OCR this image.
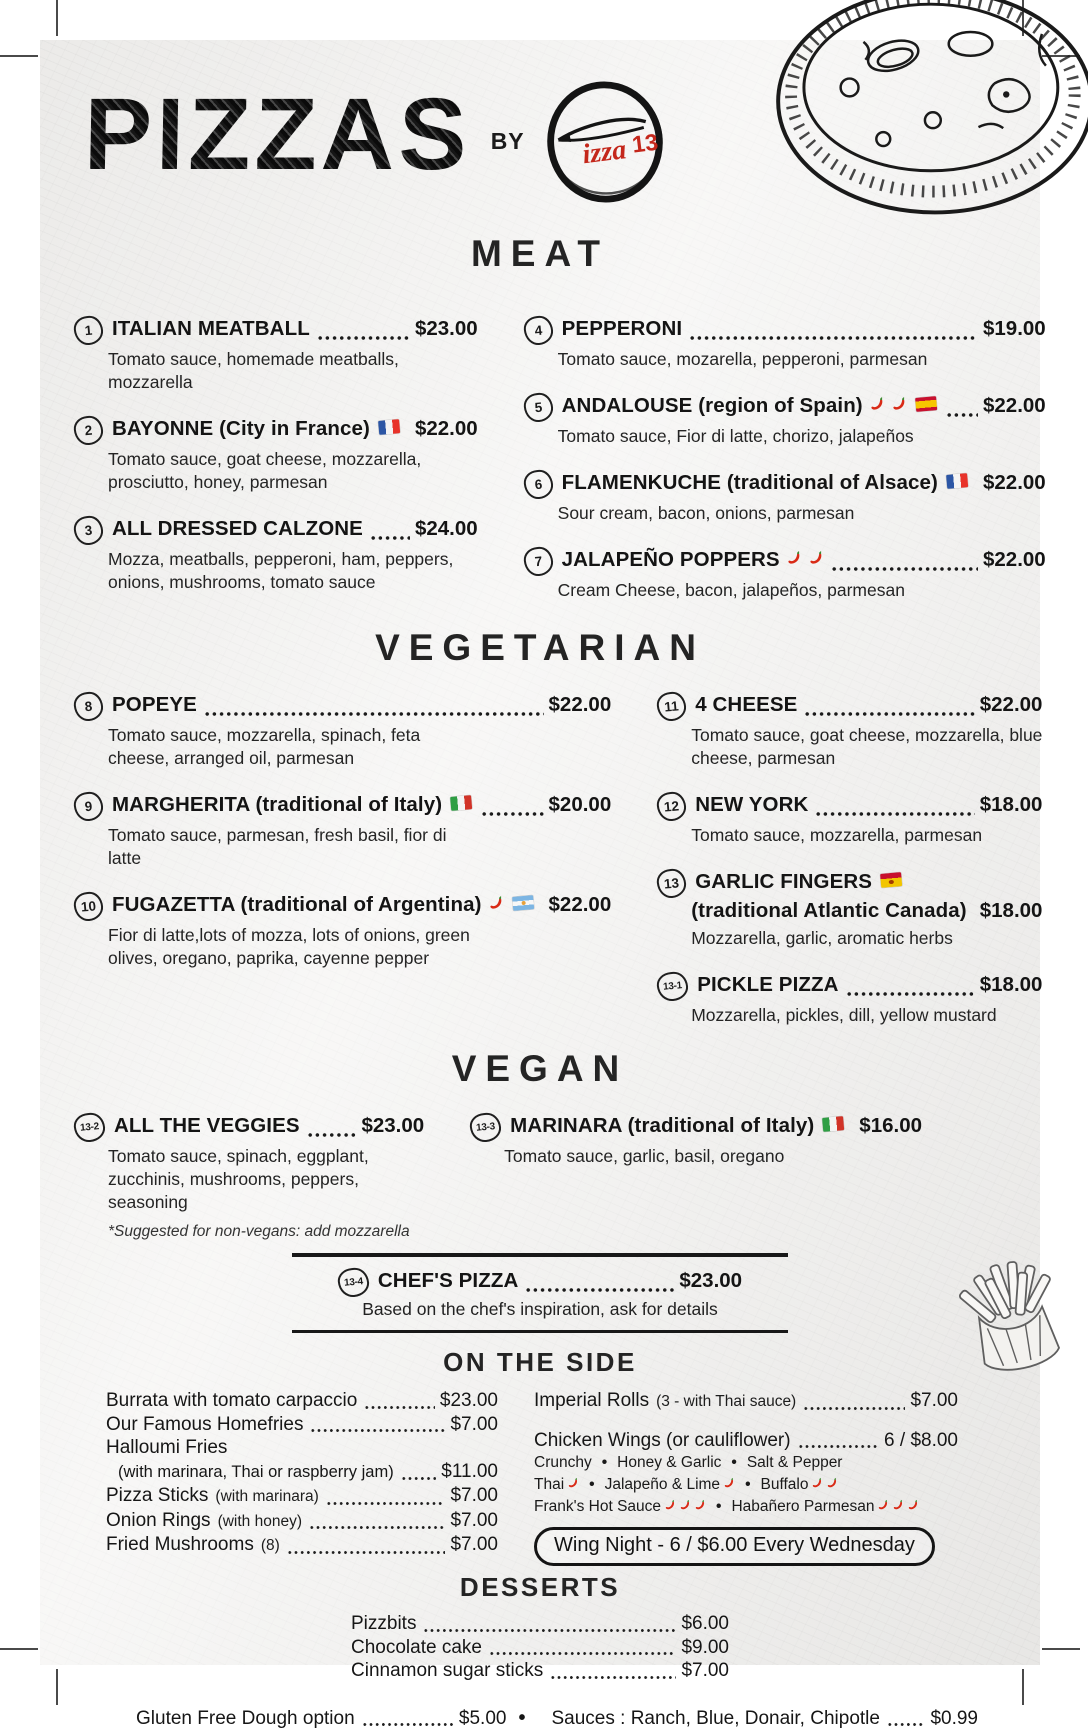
PIZZAS BY izza 13
MEAT
1 ITALIAN MEATBALL	$23.00
Tomato sauce, homemade meatballs, mozzarella
2 BAYONNE (City in France) $22.00
Tomato sauce, goat cheese, mozzarella, prosciutto, honey, parmesan
3 ALL DRESSED CALZONE	$24.00
Mozza, meatballs, pepperoni, ham, peppers, onions, mushrooms, tomato sauce
4 PEPPERONI	$19.00
Tomato sauce, mozarella, pepperoni, parmesan
5 ANDALOUSE (region of Spain)	$22.00
Tomato sauce, Fior di latte, chorizo, jalapeños
6 FLAMENKUCHE (traditional of Alsace) $22.00
Sour cream, bacon, onions, parmesan
7 JALAPEÑO POPPERS	$22.00
Cream Cheese, bacon, jalapeños, parmesan
VEGETARIAN
8 POPEYE	$22.00
Tomato sauce, mozzarella, spinach, feta cheese, arranged oil, parmesan
9 MARGHERITA (traditional of Italy)	$20.00
Tomato sauce, parmesan, fresh basil, fior di latte
10 FUGAZETTA (traditional of Argentina)	$22.00
Fior di latte,lots of mozza, lots of onions, green olives, oregano, paprika, cayenne pepper
11 4 CHEESE	$22.00
Tomato sauce, goat cheese, mozzarella, blue cheese, parmesan
12 NEW YORK	$18.00
Tomato sauce, mozzarella, parmesan
13 GARLIC FINGERS
(traditional Atlantic Canada) $18.00
Mozzarella, garlic, aromatic herbs
13-1 PICKLE PIZZA	$18.00
Mozzarella, pickles, dill, yellow mustard
VEGAN
13-2 ALL THE VEGGIES	$23.00
Tomato sauce, spinach, eggplant, zucchinis, mushrooms, peppers, seasoning
*Suggested for non-vegans: add mozzarella
13-3 MARINARA (traditional of Italy) $16.00
Tomato sauce, garlic, basil, oregano
13-4 CHEF'S PIZZA	$23.00
Based on the chef's inspiration, ask for details
ON THE SIDE
Burrata with tomato carpaccio	$23.00
Our Famous Homefries	$7.00
Halloumi Fries
(with marinara, Thai or raspberry jam)	$11.00
Pizza Sticks (with marinara)	$7.00
Onion Rings (with honey)	$7.00
Fried Mushrooms (8)	$7.00
Imperial Rolls (3 - with Thai sauce)	$7.00
Chicken Wings (or cauliflower)	6 / $8.00
Crunchy • Honey & Garlic • Salt & Pepper
Thai • Jalapeño & Lime • Buffalo
Frank's Hot Sauce	• Habañero Parmesan
Wing Night - 6 / $6.00 Every Wednesday
DESSERTS
Pizzbits	$6.00
Chocolate cake	$9.00
Cinnamon sugar sticks	$7.00
Gluten Free Dough option	$5.00 • Sauces : Ranch, Blue, Donair, Chipotle	$0.99
